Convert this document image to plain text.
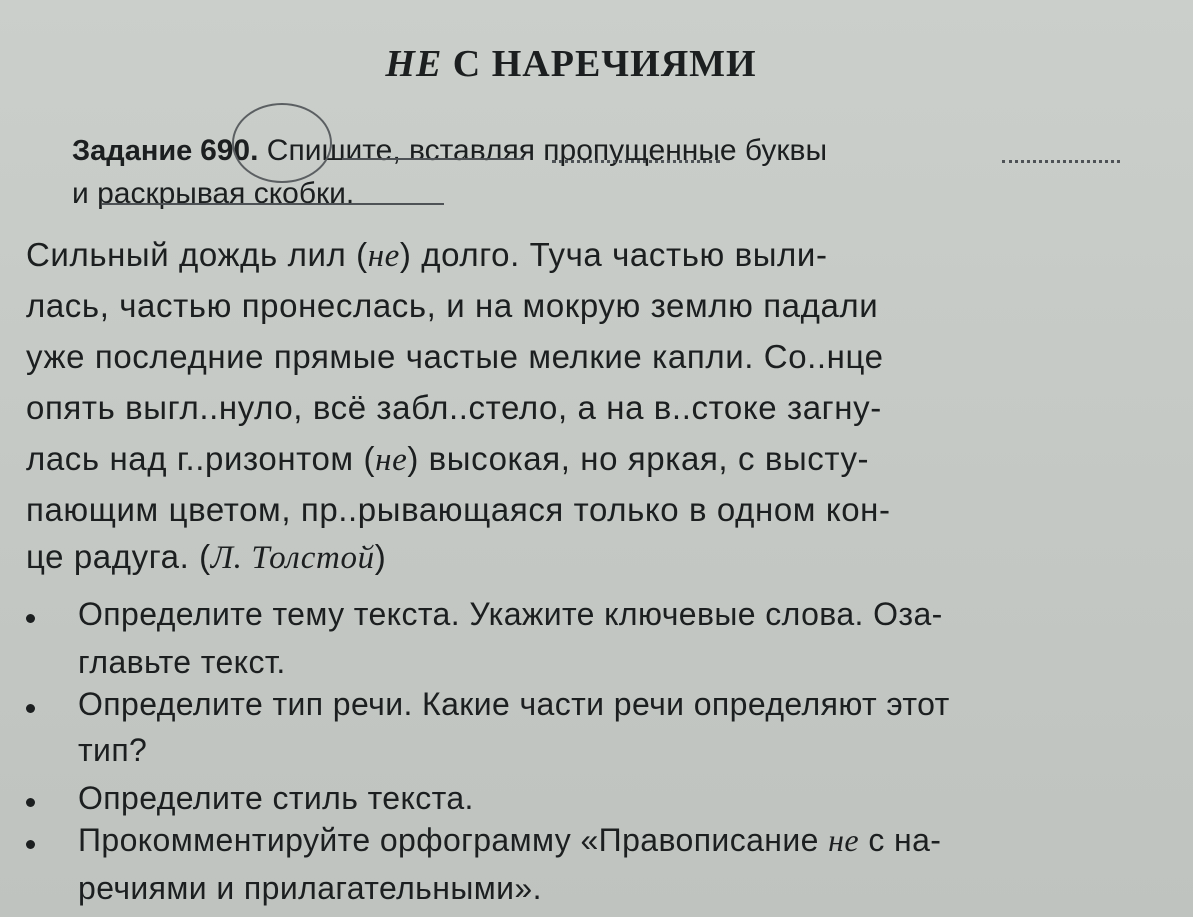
НЕ С НАРЕЧИЯМИ
Задание 690. Спишите, вставляя пропущенные буквы
и раскрывая скобки.
Сильный дождь лил (не) долго. Туча частью выли-
лась, частью пронеслась, и на мокрую землю падали
уже последние прямые частые мелкие капли. Со..нце
опять выгл..нуло, всё забл..стело, а на в..стоке загну-
лась над г..ризонтом (не) высокая, но яркая, с высту-
пающим цветом, пр..рывающаяся только в одном кон-
це радуга. (Л. Толстой)
Определите тему текста. Укажите ключевые слова. Оза-
главьте текст.
Определите тип речи. Какие части речи определяют этот
тип?
Определите стиль текста.
Прокомментируйте орфограмму «Правописание не с на-
речиями и прилагательными».
